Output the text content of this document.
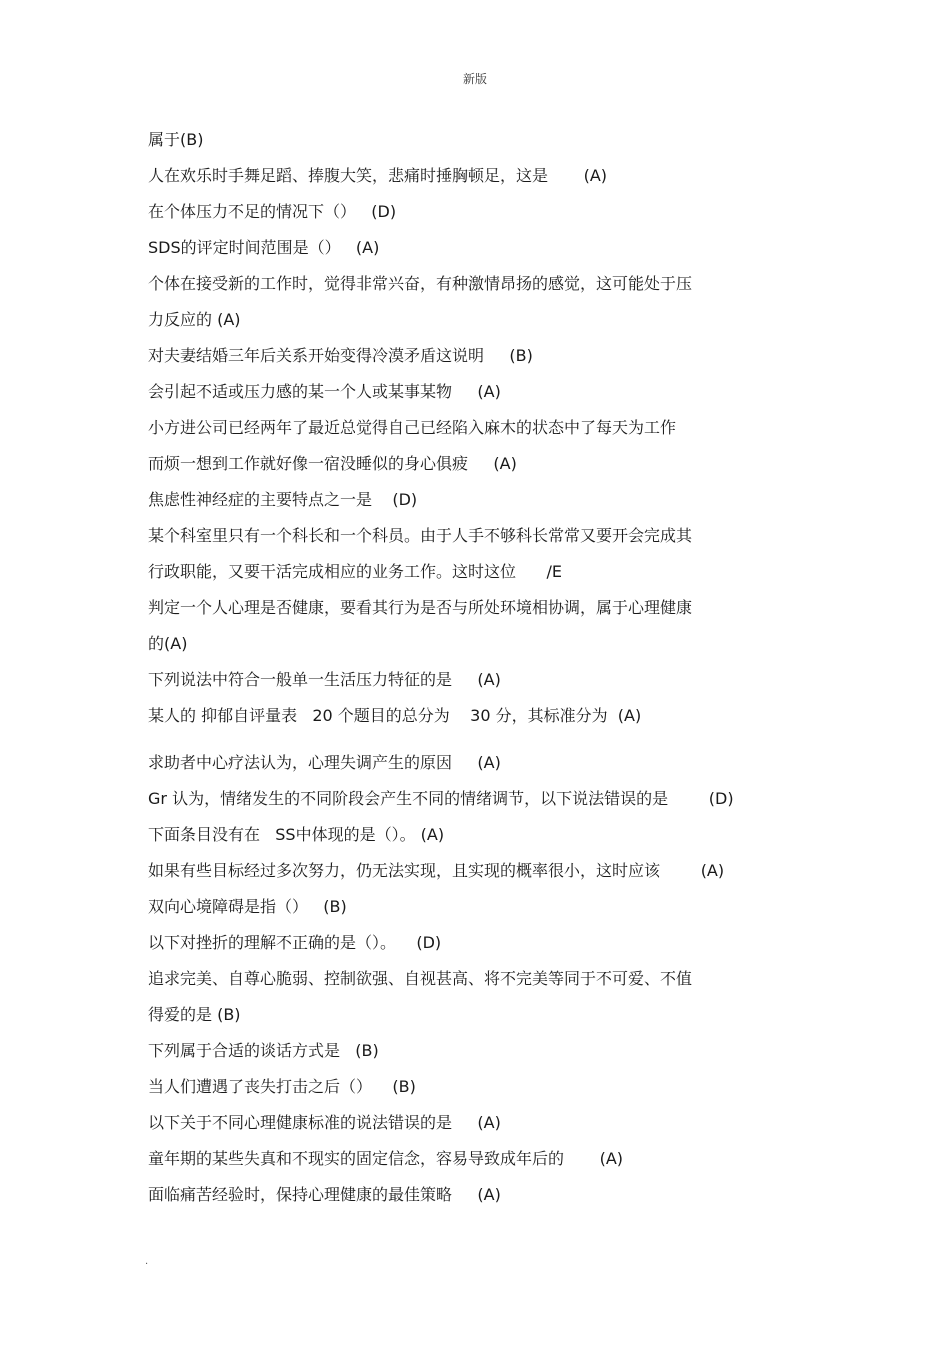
新版
属于(B)
人在欢乐时手舞足蹈、捧腹大笑，悲痛时捶胸顿足，这是       (A)
在个体压力不足的情况下（）   (D)
SDS的评定时间范围是（）   (A)
个体在接受新的工作时，觉得非常兴奋，有种激情昂扬的感觉，这可能处于压
力反应的 (A)
对夫妻结婚三年后关系开始变得冷漠矛盾这说明     (B)
会引起不适或压力感的某一个人或某事某物     (A)
小方进公司已经两年了最近总觉得自己已经陷入麻木的状态中了每天为工作
而烦一想到工作就好像一宿没睡似的身心俱疲     (A)
焦虑性神经症的主要特点之一是    (D)
某个科室里只有一个科长和一个科员。由于人手不够科长常常又要开会完成其
行政职能，又要干活完成相应的业务工作。这时这位      /E
判定一个人心理是否健康，要看其行为是否与所处环境相协调，属于心理健康
的(A)
下列说法中符合一般单一生活压力特征的是     (A)
某人的 抑郁自评量表   20 个题目的总分为    30 分，其标准分为  (A)
求助者中心疗法认为，心理失调产生的原因     (A)
Gr 认为，情绪发生的不同阶段会产生不同的情绪调节，以下说法错误的是        (D)
下面条目没有在   SS中体现的是（）。 (A)
如果有些目标经过多次努力，仍无法实现，且实现的概率很小，这时应该        (A)
双向心境障碍是指（）   (B)
以下对挫折的理解不正确的是（）。    (D)
追求完美、自尊心脆弱、控制欲强、自视甚高、将不完美等同于不可爱、不值
得爱的是 (B)
下列属于合适的谈话方式是   (B)
当人们遭遇了丧失打击之后（）    (B)
以下关于不同心理健康标准的说法错误的是     (A)
童年期的某些失真和不现实的固定信念，容易导致成年后的       (A)
面临痛苦经验时，保持心理健康的最佳策略     (A)
.
